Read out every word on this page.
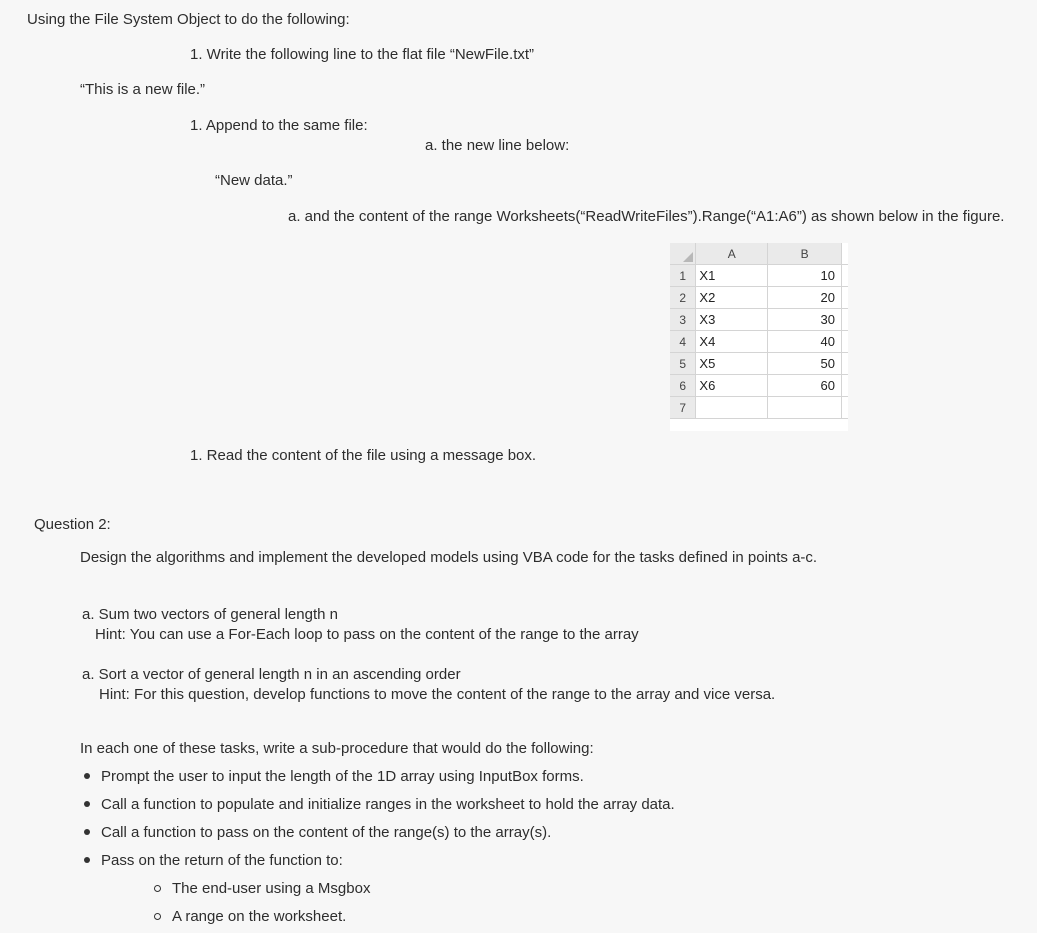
Using the File System Object to do the following:
1. Write the following line to the flat file “NewFile.txt”
“This is a new file.”
1. Append to the same file:
a. the new line below:
“New data.”
a. and the content of the range Worksheets(“ReadWriteFiles”).Range(“A1:A6”) as shown below in the figure.
	A	B	
1	X1	10	
2	X2	20	
3	X3	30	
4	X4	40	
5	X5	50	
6	X6	60	
7			
1. Read the content of the file using a message box.
Question 2:
Design the algorithms and implement the developed models using VBA code for the tasks defined in points a-c.
a. Sum two vectors of general length n
Hint: You can use a For-Each loop to pass on the content of the range to the array
a. Sort a vector of general length n in an ascending order
Hint: For this question, develop functions to move the content of the range to the array and vice versa.
In each one of these tasks, write a sub-procedure that would do the following:
Prompt the user to input the length of the 1D array using InputBox forms.
Call a function to populate and initialize ranges in the worksheet to hold the array data.
Call a function to pass on the content of the range(s) to the array(s).
Pass on the return of the function to:
The end-user using a Msgbox
A range on the worksheet.
